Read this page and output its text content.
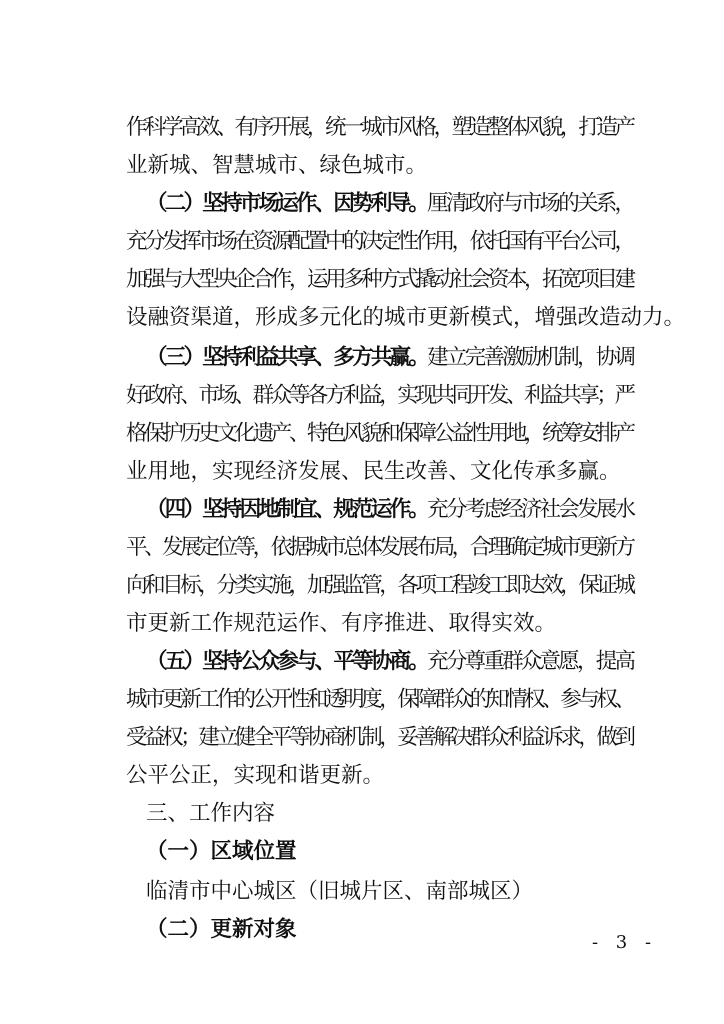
作科学高效、有序开展，统一城市风格，塑造整体风貌，打造产
业新城、智慧城市、绿色城市。
（二）坚持市场运作、因势利导。厘清政府与市场的关系，
充分发挥市场在资源配置中的决定性作用，依托国有平台公司，
加强与大型央企合作，运用多种方式撬动社会资本，拓宽项目建
设融资渠道，形成多元化的城市更新模式，增强改造动力。
（三）坚持利益共享、多方共赢。建立完善激励机制，协调
好政府、市场、群众等各方利益，实现共同开发、利益共享；严
格保护历史文化遗产、特色风貌和保障公益性用地，统筹安排产
业用地，实现经济发展、民生改善、文化传承多赢。
（四）坚持因地制宜、规范运作。充分考虑经济社会发展水
平、发展定位等，依据城市总体发展布局，合理确定城市更新方
向和目标，分类实施，加强监管，各项工程竣工即达效，保证城
市更新工作规范运作、有序推进、取得实效。
（五）坚持公众参与、平等协商。充分尊重群众意愿，提高
城市更新工作的公开性和透明度，保障群众的知情权、参与权、
受益权；建立健全平等协商机制，妥善解决群众利益诉求，做到
公平公正，实现和谐更新。
三、工作内容
（一）区域位置
临清市中心城区（旧城片区、南部城区）
（二）更新对象
- 3 -
